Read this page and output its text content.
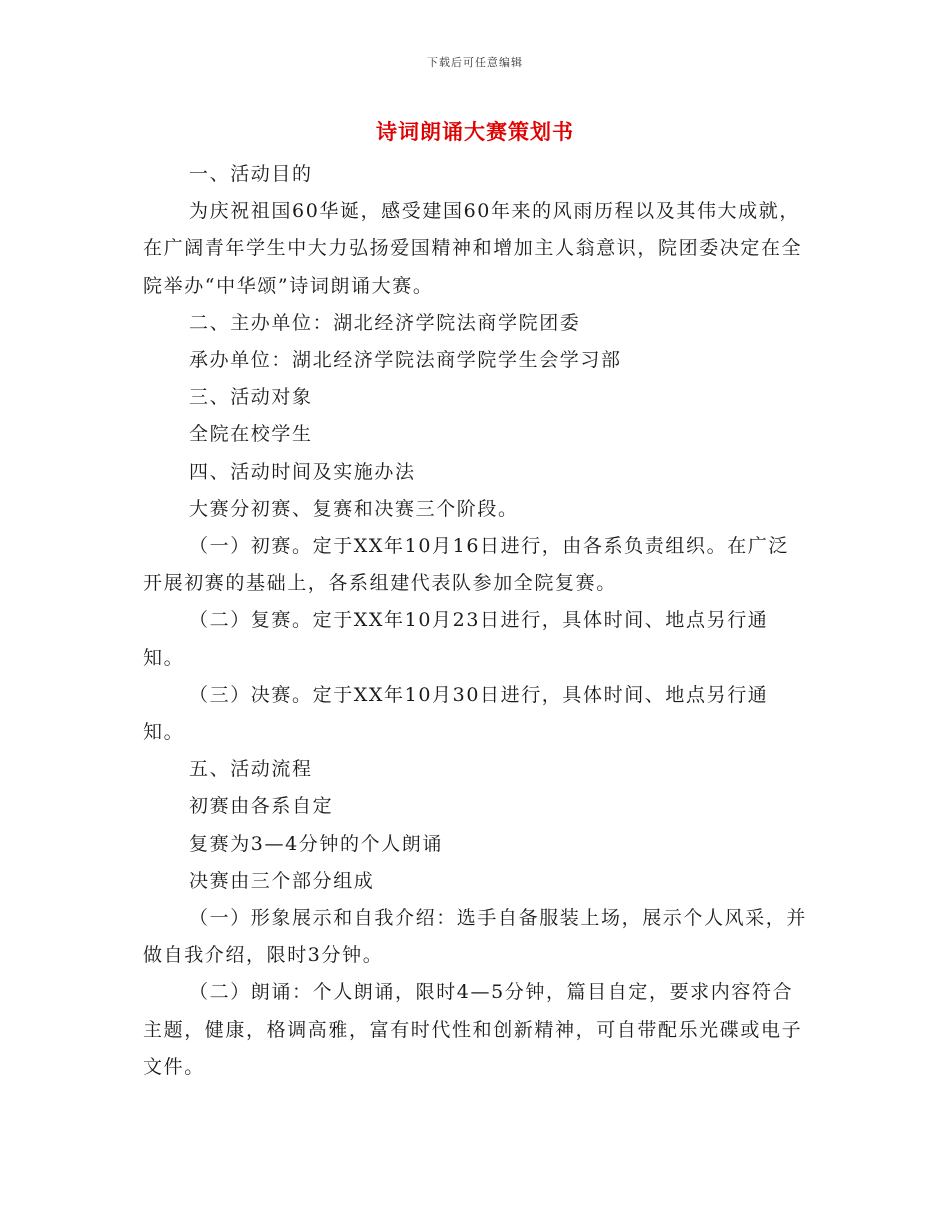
下载后可任意编辑
诗词朗诵大赛策划书

一、活动目的

为庆祝祖国60华诞，感受建国60年来的风雨历程以及其伟大成就，在广阔青年学生中大力弘扬爱国精神和增加主人翁意识，院团委决定在全院举办“中华颂”诗词朗诵大赛。

二、主办单位：湖北经济学院法商学院团委

承办单位：湖北经济学院法商学院学生会学习部

三、活动对象

全院在校学生

四、活动时间及实施办法

大赛分初赛、复赛和决赛三个阶段。

（一）初赛。定于XX年10月16日进行，由各系负责组织。在广泛开展初赛的基础上，各系组建代表队参加全院复赛。

（二）复赛。定于XX年10月23日进行，具体时间、地点另行通知。

（三）决赛。定于XX年10月30日进行，具体时间、地点另行通知。

五、活动流程

初赛由各系自定

复赛为3—4分钟的个人朗诵

决赛由三个部分组成

（一）形象展示和自我介绍：选手自备服装上场，展示个人风采，并做自我介绍，限时3分钟。

（二）朗诵：个人朗诵，限时4—5分钟，篇目自定，要求内容符合主题，健康，格调高雅，富有时代性和创新精神，可自带配乐光碟或电子文件。
